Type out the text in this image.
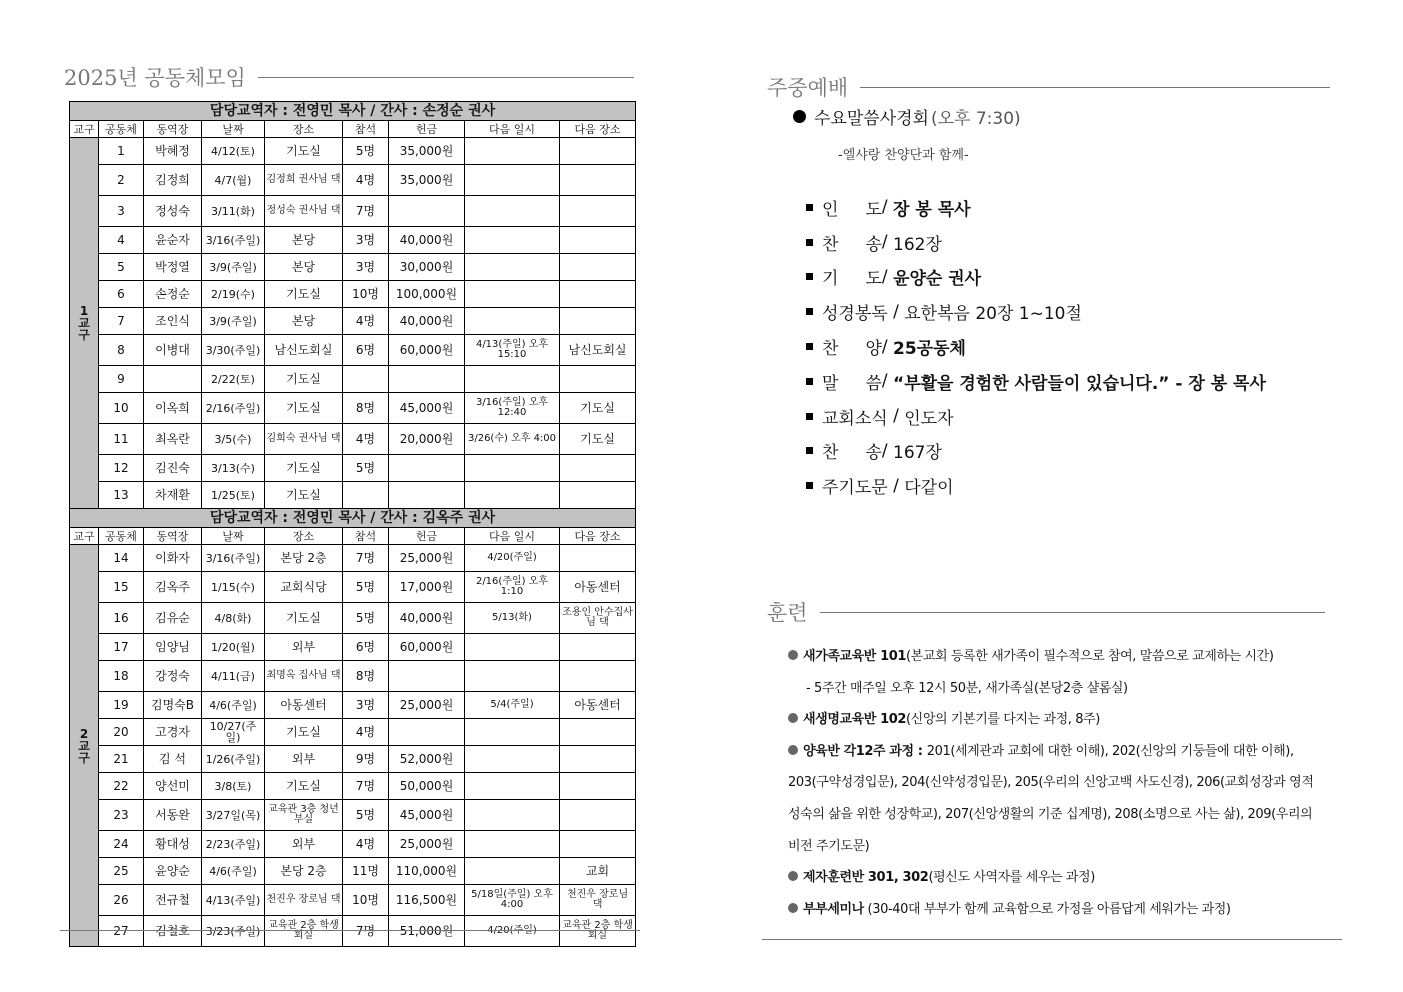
2025년 공동체모임
담당교역자 : 전영민 목사 / 간사 : 손정순 권사								
교구	공동체	동역장	날짜	장소	참석	헌금	다음 일시	다음 장소
1
교
구	1	박혜정	4/12(토)	기도실	5명	35,000원		
	2	김정희	4/7(월)	김정희 권사님 댁	4명	35,000원		
	3	정성숙	3/11(화)	정성숙 권사님 댁	7명			
	4	윤순자	3/16(주일)	본당	3명	40,000원		
	5	박정열	3/9(주일)	본당	3명	30,000원		
	6	손정순	2/19(수)	기도실	10명	100,000원		
	7	조인식	3/9(주일)	본당	4명	40,000원		
	8	이병대	3/30(주일)	남신도회실	6명	60,000원	4/13(주일) 오후 15:10	남신도회실
	9		2/22(토)	기도실				
	10	이옥희	2/16(주일)	기도실	8명	45,000원	3/16(주일) 오후 12:40	기도실
	11	최옥란	3/5(수)	김희숙 권사님 댁	4명	20,000원	3/26(수) 오후 4:00	기도실
	12	김진숙	3/13(수)	기도실	5명			
	13	차재환	1/25(토)	기도실				
담당교역자 : 전영민 목사 / 간사 : 김옥주 권사								
교구	공동체	동역장	날짜	장소	참석	헌금	다음 일시	다음 장소
2
교
구	14	이화자	3/16(주일)	본당 2층	7명	25,000원	4/20(주일)	
	15	김옥주	1/15(수)	교회식당	5명	17,000원	2/16(주일) 오후 1:10	아동센터
	16	김유순	4/8(화)	기도실	5명	40,000원	5/13(화)	조용인 안수집사님 댁
	17	임양님	1/20(월)	외부	6명	60,000원		
	18	강정숙	4/11(금)	최명옥 집사님 댁	8명			
	19	김명숙B	4/6(주일)	아동센터	3명	25,000원	5/4(주일)	아동센터
	20	고경자	10/27(주일)	기도실	4명			
	21	김 석	1/26(주일)	외부	9명	52,000원		
	22	양선미	3/8(토)	기도실	7명	50,000원		
	23	서동완	3/27일(목)	교육관 3층 청년부실	5명	45,000원		
	24	황대성	2/23(주일)	외부	4명	25,000원		
	25	윤양순	4/6(주일)	본당 2층	11명	110,000원		교회
	26	전규철	4/13(주일)	천진우 장로님 댁	10명	116,500원	5/18일(주일) 오후 4:00	천진우 장로님 댁
	27	김철호	3/23(주일)	교육관 2층 학생회실	7명	51,000원	4/20(주일)	교육관 2층 학생회실
주중예배
수요말씀사경회 (오후 7:30)
-엘샤랑 찬양단과 함께-
인     도 / 장 봉 목사
찬     송 / 162장
기     도 / 윤양순 권사
성경봉독 / 요한복음 20장 1~10절
찬     양 / 25공동체
말     씀 / “부활을 경험한 사람들이 있습니다.” - 장 봉 목사
교회소식 / 인도자
찬     송 / 167장
주기도문 / 다같이
훈련
새가족교육반 101(본교회 등록한 새가족이 필수적으로 참여, 말씀으로 교제하는 시간)
- 5주간 매주일 오후 12시 50분, 새가족실(본당2층 샬롬실)
새생명교육반 102(신앙의 기본기를 다지는 과정, 8주)
양육반 각12주 과정 : 201(세계관과 교회에 대한 이해), 202(신앙의 기둥들에 대한 이해), 203(구약성경입문), 204(신약성경입문), 205(우리의 신앙고백 사도신경), 206(교회성장과 영적성숙의 삶을 위한 성장학교), 207(신앙생활의 기준 십계명), 208(소명으로 사는 삶), 209(우리의 비전 주기도문)
제자훈련반 301, 302(평신도 사역자를 세우는 과정)
부부세미나 (30-40대 부부가 함께 교육함으로 가정을 아름답게 세워가는 과정)
